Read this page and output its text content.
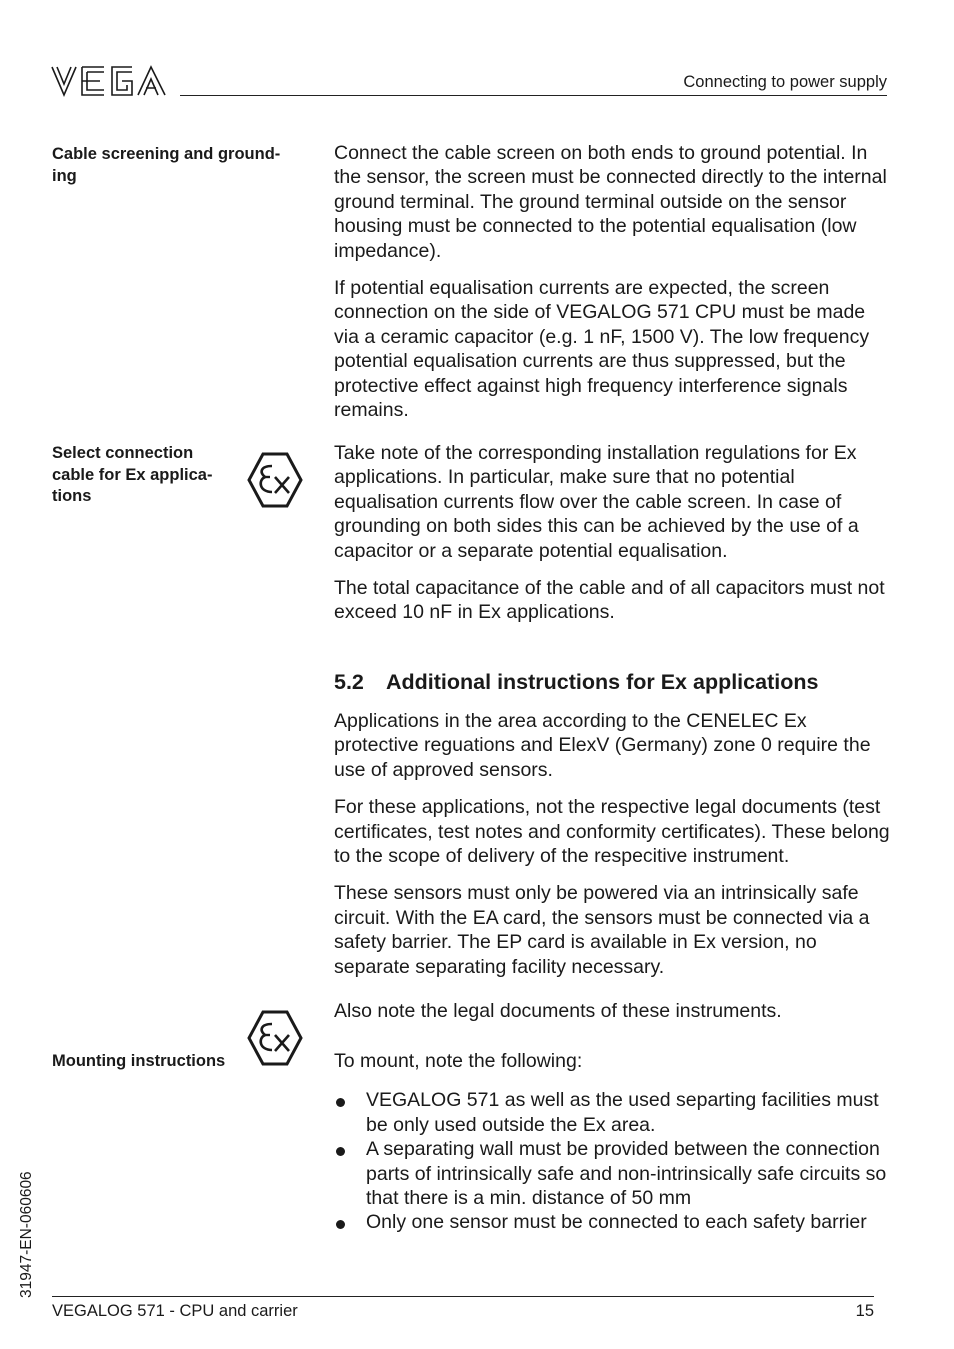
Connecting to power supply
Cable screening and ground-
ing

Connect the cable screen on both ends to ground potential. In the sensor, the screen must be connected directly to the internal ground terminal. The ground terminal outside on the sensor housing must be connected to the potential equalisation (low impedance).

If potential equalisation currents are expected, the screen connection on the side of VEGALOG 571 CPU must be made via a ceramic capacitor (e.g. 1 nF, 1500 V). The low frequency potential equalisation currents are thus suppressed, but the protective effect against high frequency interference signals remains.

Select connection
cable for Ex applica-
tions

Take note of the corresponding installation regulations for Ex applications. In particular, make sure that no potential equalisation currents flow over the cable screen. In case of grounding on both sides this can be achieved by the use of a capacitor or a separate potential equalisation.

The total capacitance of the cable and of all capacitors must not exceed 10 nF in Ex applications.

5.2 Additional instructions for Ex applications

Applications in the area according to the CENELEC Ex protective reguations and ElexV (Germany) zone 0 require the use of approved sensors.

For these applications, not the respective legal documents (test certificates, test notes and conformity certificates). These belong to the scope of delivery of the respecitive instrument.

These sensors must only be powered via an intrinsically safe circuit. With the EA card, the sensors must be connected via a safety barrier. The EP card is available in Ex version, no separate separating facility necessary.

Also note the legal documents of these instruments.

Mounting instructions	To mount, note the following:

VEGALOG 571 as well as the used separting facilities must be only used outside the Ex area.
A separating wall must be provided between the connection parts of intrinsically safe and non-intrinsically safe circuits so that there is a min. distance of 50 mm
Only one sensor must be connected to each safety barrier
31947-EN-060606
VEGALOG 571 - CPU and carrier	15
